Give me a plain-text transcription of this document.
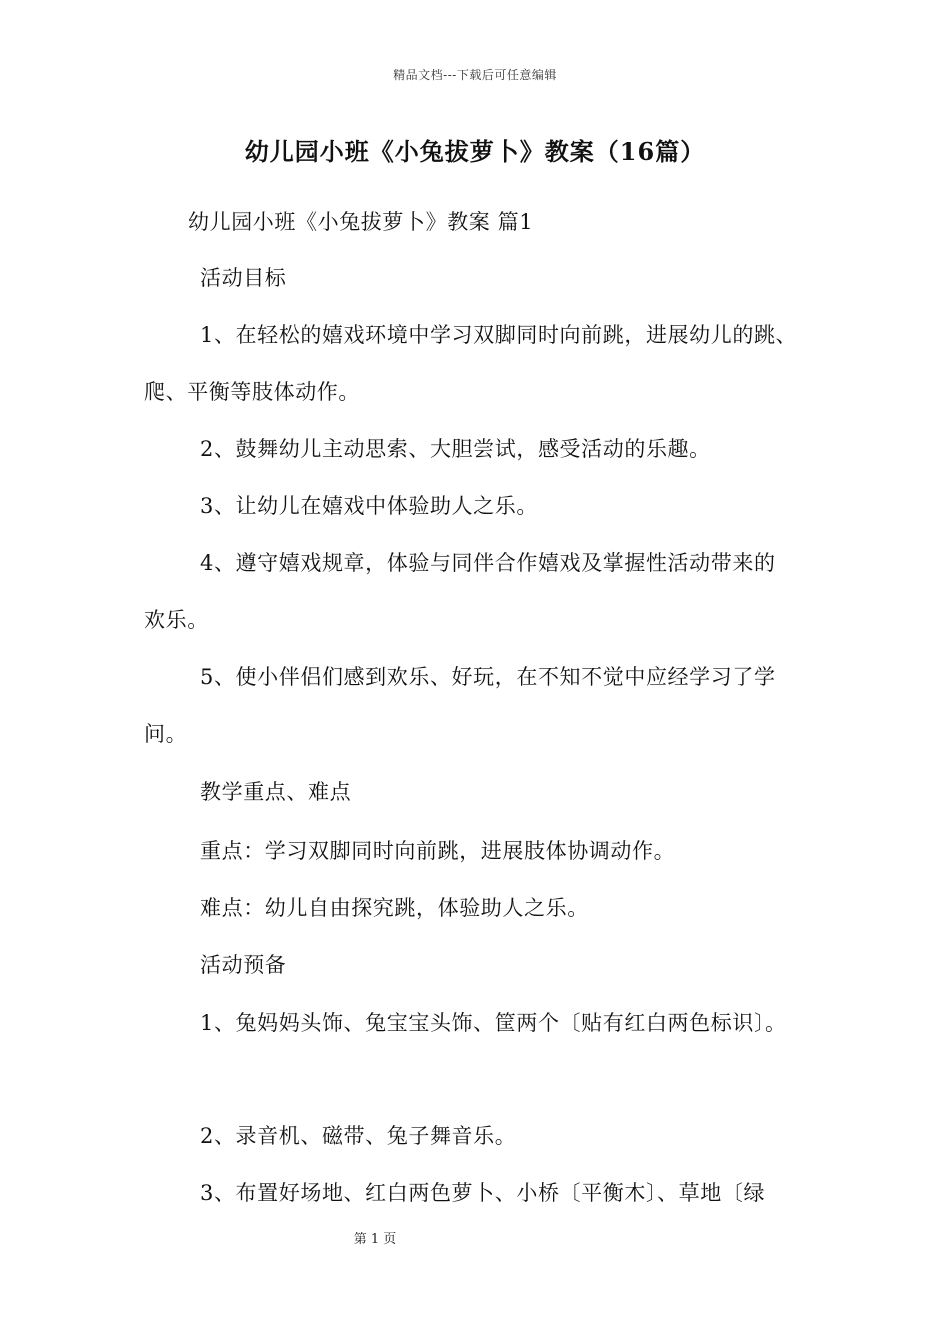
精品文档---下载后可任意编辑
幼儿园小班《小兔拔萝卜》教案（16篇）
幼儿园小班《小兔拔萝卜》教案 篇1
活动目标
1、在轻松的嬉戏环境中学习双脚同时向前跳，进展幼儿的跳、
爬、平衡等肢体动作。
2、鼓舞幼儿主动思索、大胆尝试，感受活动的乐趣。
3、让幼儿在嬉戏中体验助人之乐。
4、遵守嬉戏规章，体验与同伴合作嬉戏及掌握性活动带来的
欢乐。
5、使小伴侣们感到欢乐、好玩，在不知不觉中应经学习了学
问。
教学重点、难点
重点：学习双脚同时向前跳，进展肢体协调动作。
难点：幼儿自由探究跳，体验助人之乐。
活动预备
1、兔妈妈头饰、兔宝宝头饰、筐两个〔贴有红白两色标识〕。
2、录音机、磁带、兔子舞音乐。
3、布置好场地、红白两色萝卜、小桥〔平衡木〕、草地〔绿
第 1 页
